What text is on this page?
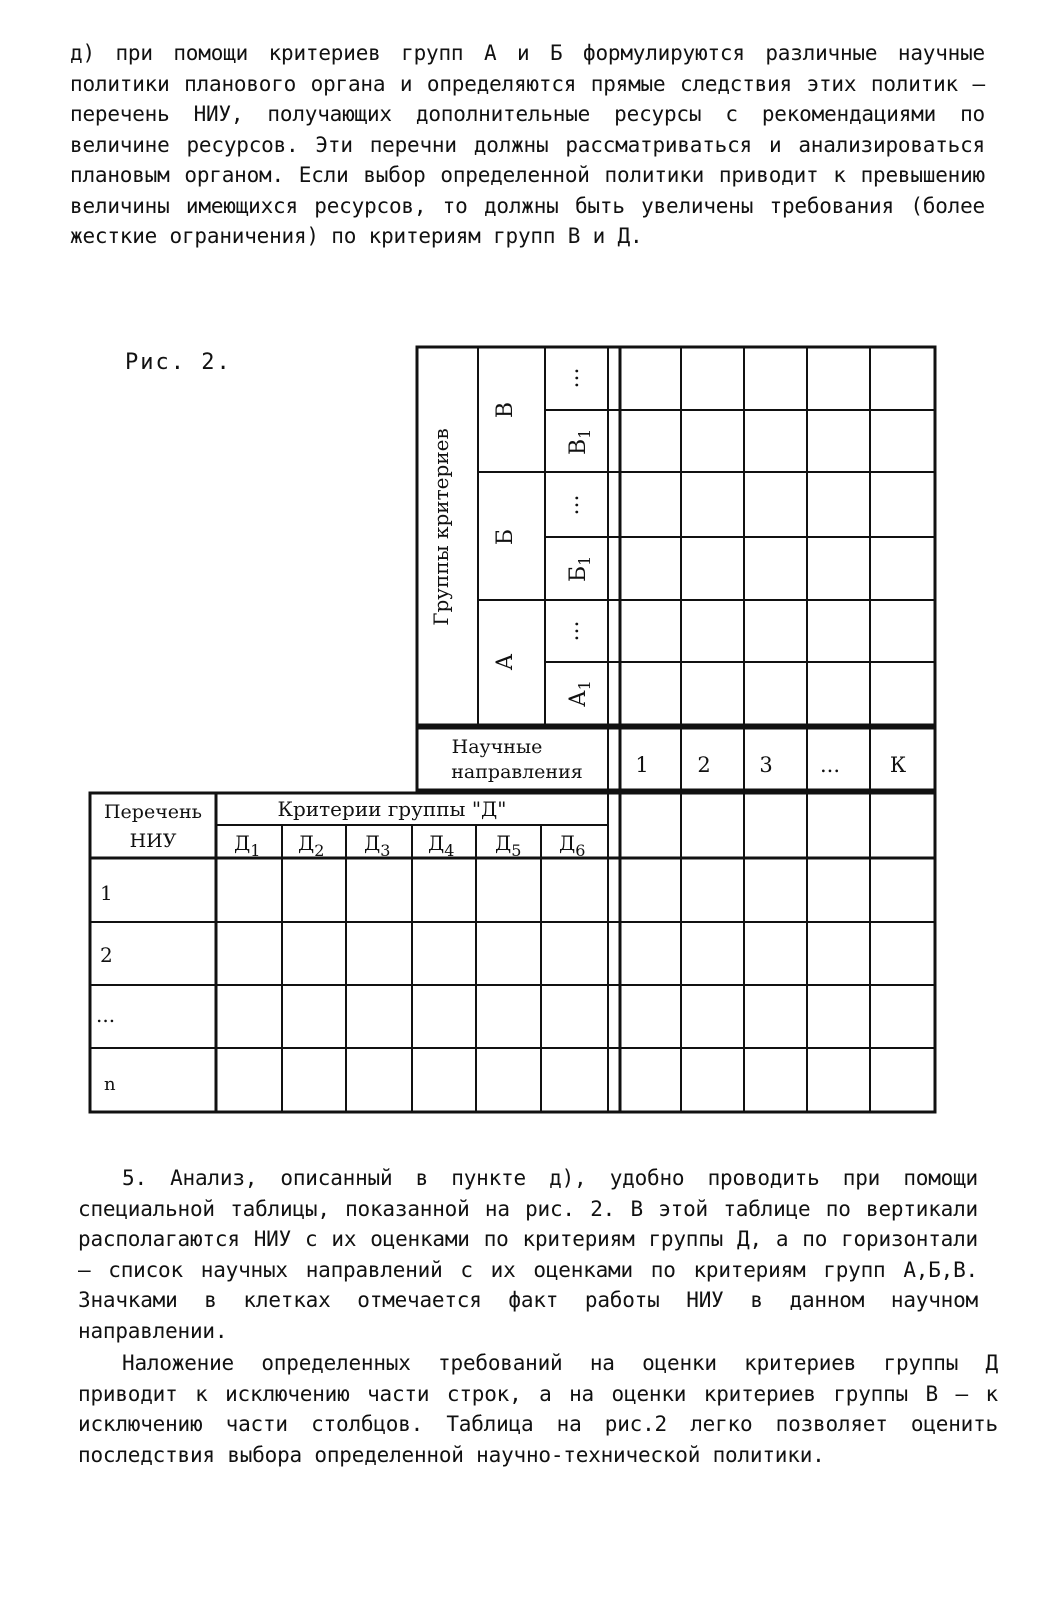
д) при помощи критериев групп А и Б формулируются различные научные политики планового органа и определяются прямые следствия этих политик – перечень НИУ, получающих дополнительные ресурсы с рекомендациями по величине ресурсов. Эти перечни должны рассматриваться и анализироваться плановым органом. Если выбор определенной политики приводит к превышению величины имеющихся ресурсов, то должны быть увеличены требования (более жесткие ограничения) по критериям групп В и Д.
Рис. 2.
Группы критериев
В
Б
А
...
...
...
$В_1$
$Б_1$
$А_1$
Научные
направления	1 2 3 ... К
Перечень
НИУ
Критерии группы "Д"
$Д_1$ $Д_2$ $Д_3$ $Д_4$ $Д_5$ $Д_6$
1
2
...
n
5. Анализ, описанный в пункте д), удобно проводить при помощи специальной таблицы, показанной на рис. 2. В этой таблице по вертикали располагаются НИУ с их оценками по критериям группы Д, а по горизонтали – список научных направлений с их оценками по критериям групп А,Б,В. Значками в клетках отмечается факт работы НИУ в данном научном направлении.
Наложение определенных требований на оценки критериев группы Д приводит к исключению части строк, а на оценки критериев группы В – к исключению части столбцов. Таблица на рис.2 легко позволяет оценить последствия выбора определенной научно-технической политики.
